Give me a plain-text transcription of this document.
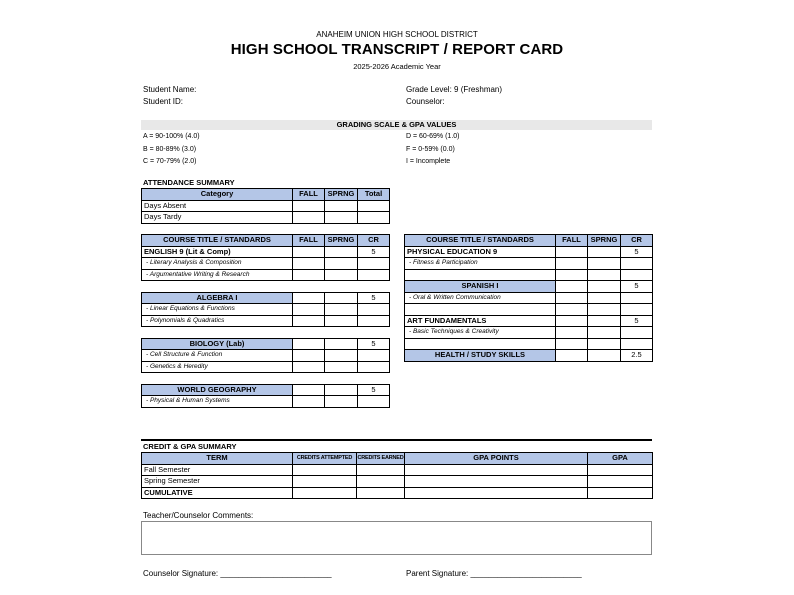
ANAHEIM UNION HIGH SCHOOL DISTRICT
HIGH SCHOOL TRANSCRIPT / REPORT CARD
2025-2026 Academic Year
Student Name:
Student ID:
Grade Level: 9 (Freshman)
Counselor:
GRADING SCALE & GPA VALUES
A = 90-100% (4.0)
B = 80-89% (3.0)
C = 70-79% (2.0)
D = 60-69% (1.0)
F = 0-59% (0.0)
I = Incomplete
ATTENDANCE SUMMARY
Category	FALL	SPRNG	Total
Days Absent			
Days Tardy			
COURSE TITLE / STANDARDS	FALL	SPRNG	CR
ENGLISH 9 (Lit & Comp)			5
- Literary Analysis & Composition			
- Argumentative Writing & Research			

ALGEBRA I			5
- Linear Equations & Functions			
- Polynomials & Quadratics			

BIOLOGY (Lab)			5
- Cell Structure & Function			
- Genetics & Heredity			

WORLD GEOGRAPHY			5
- Physical & Human Systems			
COURSE TITLE / STANDARDS	FALL	SPRNG	CR
PHYSICAL EDUCATION 9			5
- Fitness & Participation			

SPANISH I			5
- Oral & Written Communication			

ART FUNDAMENTALS			5
- Basic Techniques & Creativity			

HEALTH / STUDY SKILLS			2.5
CREDIT & GPA SUMMARY
TERM	CREDITS ATTEMPTED	CREDITS EARNED	GPA POINTS	GPA
Fall Semester				
Spring Semester				
CUMULATIVE				
Teacher/Counselor Comments:
Counselor Signature: _________________________	Parent Signature: _________________________
